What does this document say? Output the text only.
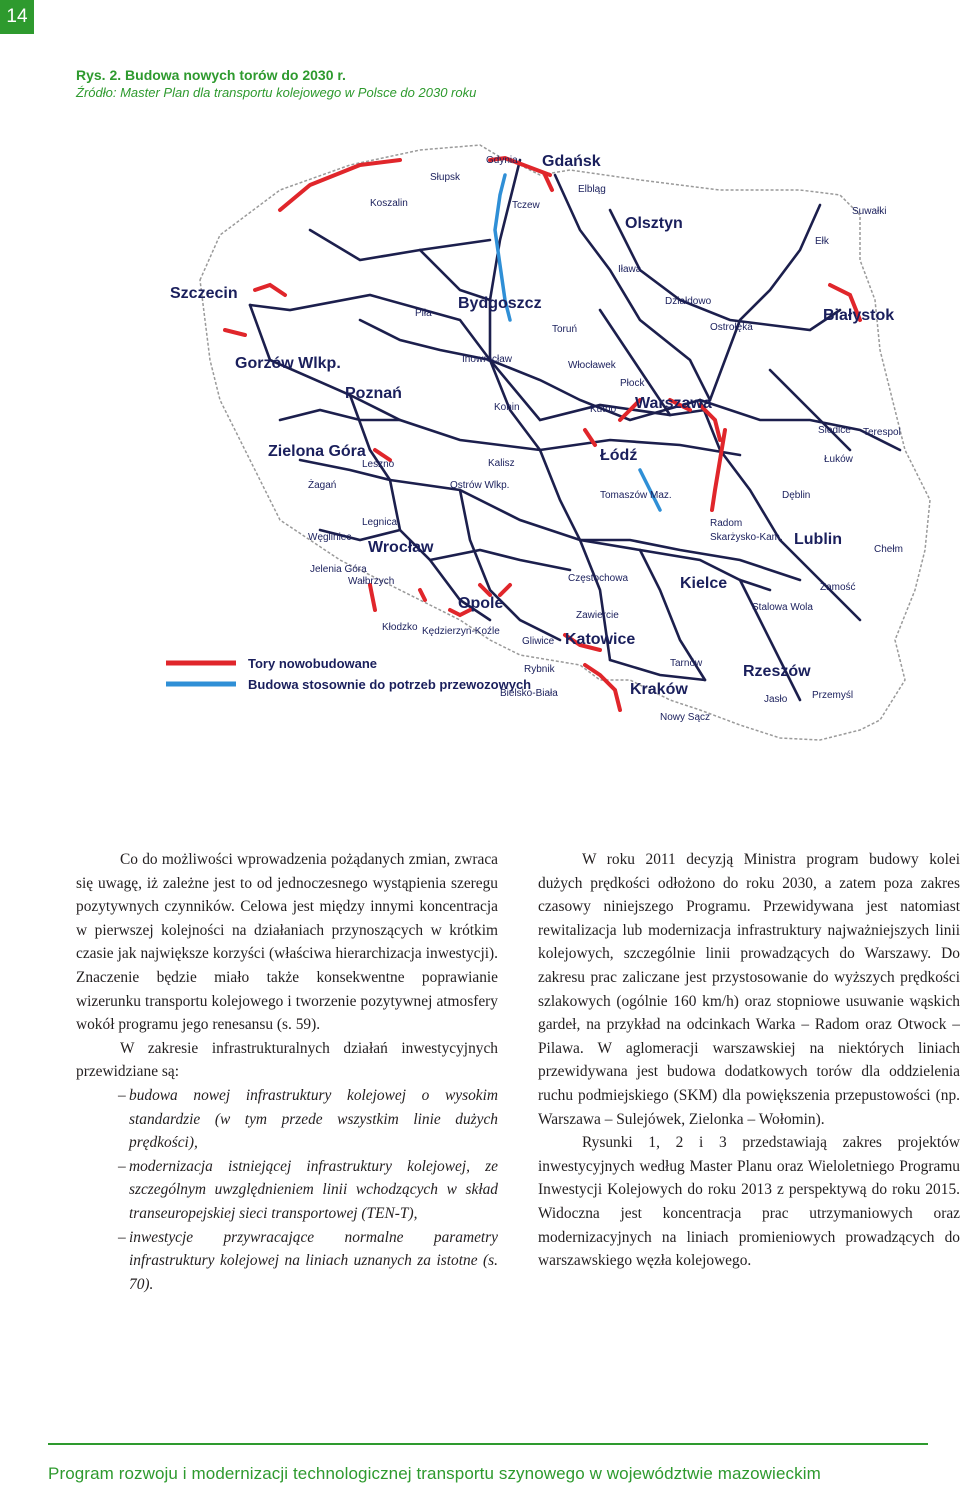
14
Rys. 2. Budowa nowych torów do 2030 r.
Źródło: Master Plan dla transportu kolejowego w Polsce do 2030 roku
Gdańsk
Olsztyn
Szczecin
Bydgoszcz
Białystok
Gorzów Wlkp.
Poznań
Warszawa
Zielona Góra	Łódź
Wrocław	Lublin
Opole
Kielce
Katowice
Rzeszów
Kraków
Gdynia
Słupsk
Koszalin
Elbląg
Tczew
Suwałki
Ełk
Iława
Piła
Toruń
Działdowo
Ostrołęka
Inowrocław
Włocławek
Płock
Konin	Kutno
Siedlce Terespol
Leszno	Kalisz	Łuków
Żagań	Ostrów Wlkp.
Tomaszów Maz.	Dęblin
Legnica	Radom
Węgliniec	Skarżysko-Kam.
Chełm
Jelenia Góra
Wałbrzych	Częstochowa
Zamość
Kłodzko Kędzierzyn-Koźle
Zawiercie
Stalowa Wola
Gliwice
Rybnik
Tarnów
Bielsko-Biała	Przemyśl
Jasło
Nowy Sącz
Tory nowobudowane
Budowa stosownie do potrzeb przewozowych

Co do możliwości wprowadzenia pożądanych zmian, zwraca się uwagę, iż zależne jest to od jednoczesnego wystąpienia szeregu pozytywnych czynników. Celowa jest między innymi koncentracja w pierwszej kolejności na działaniach przynoszących w krótkim czasie jak największe korzyści (właściwa hierarchizacja inwestycji). Znaczenie będzie miało także konsekwentne poprawianie wizerunku transportu kolejowego i tworzenie pozytywnej atmosfery wokół programu jego renesansu (s. 59).

W zakresie infrastrukturalnych działań inwestycyjnych przewidziane są:

– budowa nowej infrastruktury kolejowej o wysokim standardzie (w tym przede wszystkim linie dużych prędkości),
– modernizacja istniejącej infrastruktury kolejowej, ze szczególnym uwzględnieniem linii wchodzących w skład transeuropejskiej sieci transportowej (TEN-T),
– inwestycje przywracające normalne parametry infrastruktury kolejowej na liniach uznanych za istotne (s. 70).

W roku 2011 decyzją Ministra program budowy kolei dużych prędkości odłożono do roku 2030, a zatem poza zakres czasowy niniejszego Programu. Przewidywana jest natomiast rewitalizacja lub modernizacja infrastruktury najważniejszych linii kolejowych, szczególnie linii prowadzących do Warszawy. Do zakresu prac zaliczane jest przystosowanie do wyższych prędkości szlakowych (ogólnie 160 km/h) oraz stopniowe usuwanie wąskich gardeł, na przykład na odcinkach Warka – Radom oraz Otwock – Pilawa. W aglomeracji warszawskiej na niektórych liniach przewidywana jest budowa dodatkowych torów dla oddzielenia ruchu podmiejskiego (SKM) dla powiększenia przepustowości (np. Warszawa – Sulejówek, Zielonka – Wołomin).

Rysunki 1, 2 i 3 przedstawiają zakres projektów inwestycyjnych według Master Planu oraz Wieloletniego Programu Inwestycji Kolejowych do roku 2013 z perspektywą do roku 2015. Widoczna jest koncentracja prac utrzymaniowych oraz modernizacyjnych na liniach promieniowych prowadzących do warszawskiego węzła kolejowego.

Program rozwoju i modernizacji technologicznej transportu szynowego w województwie mazowieckim
